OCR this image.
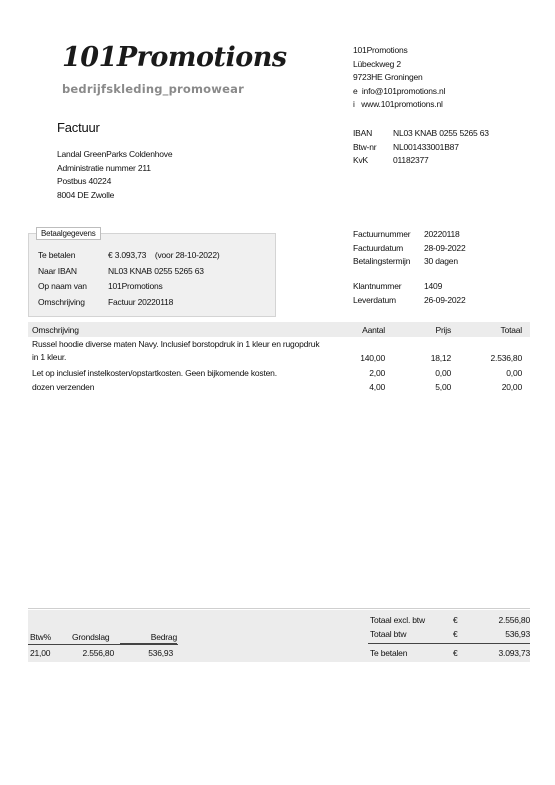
101Promotions
bedrijfskleding_promowear
101Promotions
Lübeckweg 2
9723HE Groningen
e info@101promotions.nl
i www.101promotions.nl
IBAN NL03 KNAB 0255 5265 63
Btw-nr NL001433001B87
KvK	01182377
Factuur
Landal GreenParks Coldenhove
Administratie nummer 211
Postbus 40224
8004 DE Zwolle
Betaalgegevens
Te betalen	€ 3.093,73 (voor 28-10-2022)
Naar IBAN	NL03 KNAB 0255 5265 63
Op naam van 101Promotions
Omschrijving	Factuur 20220118
Factuurnummer 20220118
Factuurdatum 28-09-2022
Betalingstermijn 30 dagen
Klantnummer	1409
Leverdatum	26-09-2022
Omschrijving	Aantal	Prijs	Totaal
Russel hoodie diverse maten Navy. Inclusief borstopdruk in 1 kleur en rugopdruk
in 1 kleur.	140,00	18,12	2.536,80
Let op inclusief instelkosten/opstartkosten. Geen bijkomende kosten.	2,00	0,00	0,00
dozen verzenden	4,00	5,00	20,00
Btw% Grondslag	Bedrag
21,00	2.556,80	536,93
Totaal excl. btw	€	2.556,80
Totaal btw	€	536,93
Te betalen	€	3.093,73
